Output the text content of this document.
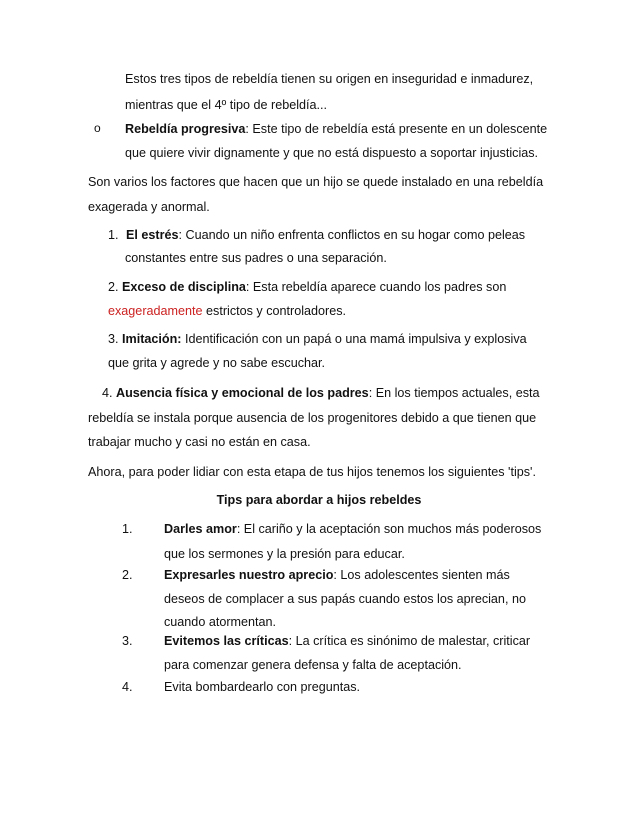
Estos tres tipos de rebeldía tienen su origen en inseguridad e inmadurez,
mientras que el 4º tipo de rebeldía...
o Rebeldía progresiva: Este tipo de rebeldía está presente en un dolescente
que quiere vivir dignamente y que no está dispuesto a soportar injusticias.
Son varios los factores que hacen que un hijo se quede instalado en una rebeldía
exagerada y anormal.
1. El estrés: Cuando un niño enfrenta conflictos en su hogar como peleas
constantes entre sus padres o una separación.
2. Exceso de disciplina: Esta rebeldía aparece cuando los padres son
exageradamente estrictos y controladores.
3. Imitación: Identificación con un papá o una mamá impulsiva y explosiva
que grita y agrede y no sabe escuchar.
4. Ausencia física y emocional de los padres: En los tiempos actuales, esta
rebeldía se instala porque ausencia de los progenitores debido a que tienen que
trabajar mucho y casi no están en casa.
Ahora, para poder lidiar con esta etapa de tus hijos tenemos los siguientes 'tips'.
Tips para abordar a hijos rebeldes
1. Darles amor: El cariño y la aceptación son muchos más poderosos
que los sermones y la presión para educar.
2. Expresarles nuestro aprecio: Los adolescentes sienten más
deseos de complacer a sus papás cuando estos los aprecian, no
cuando atormentan.
3. Evitemos las críticas: La crítica es sinónimo de malestar, criticar
para comenzar genera defensa y falta de aceptación.
4. Evita bombardearlo con preguntas.
